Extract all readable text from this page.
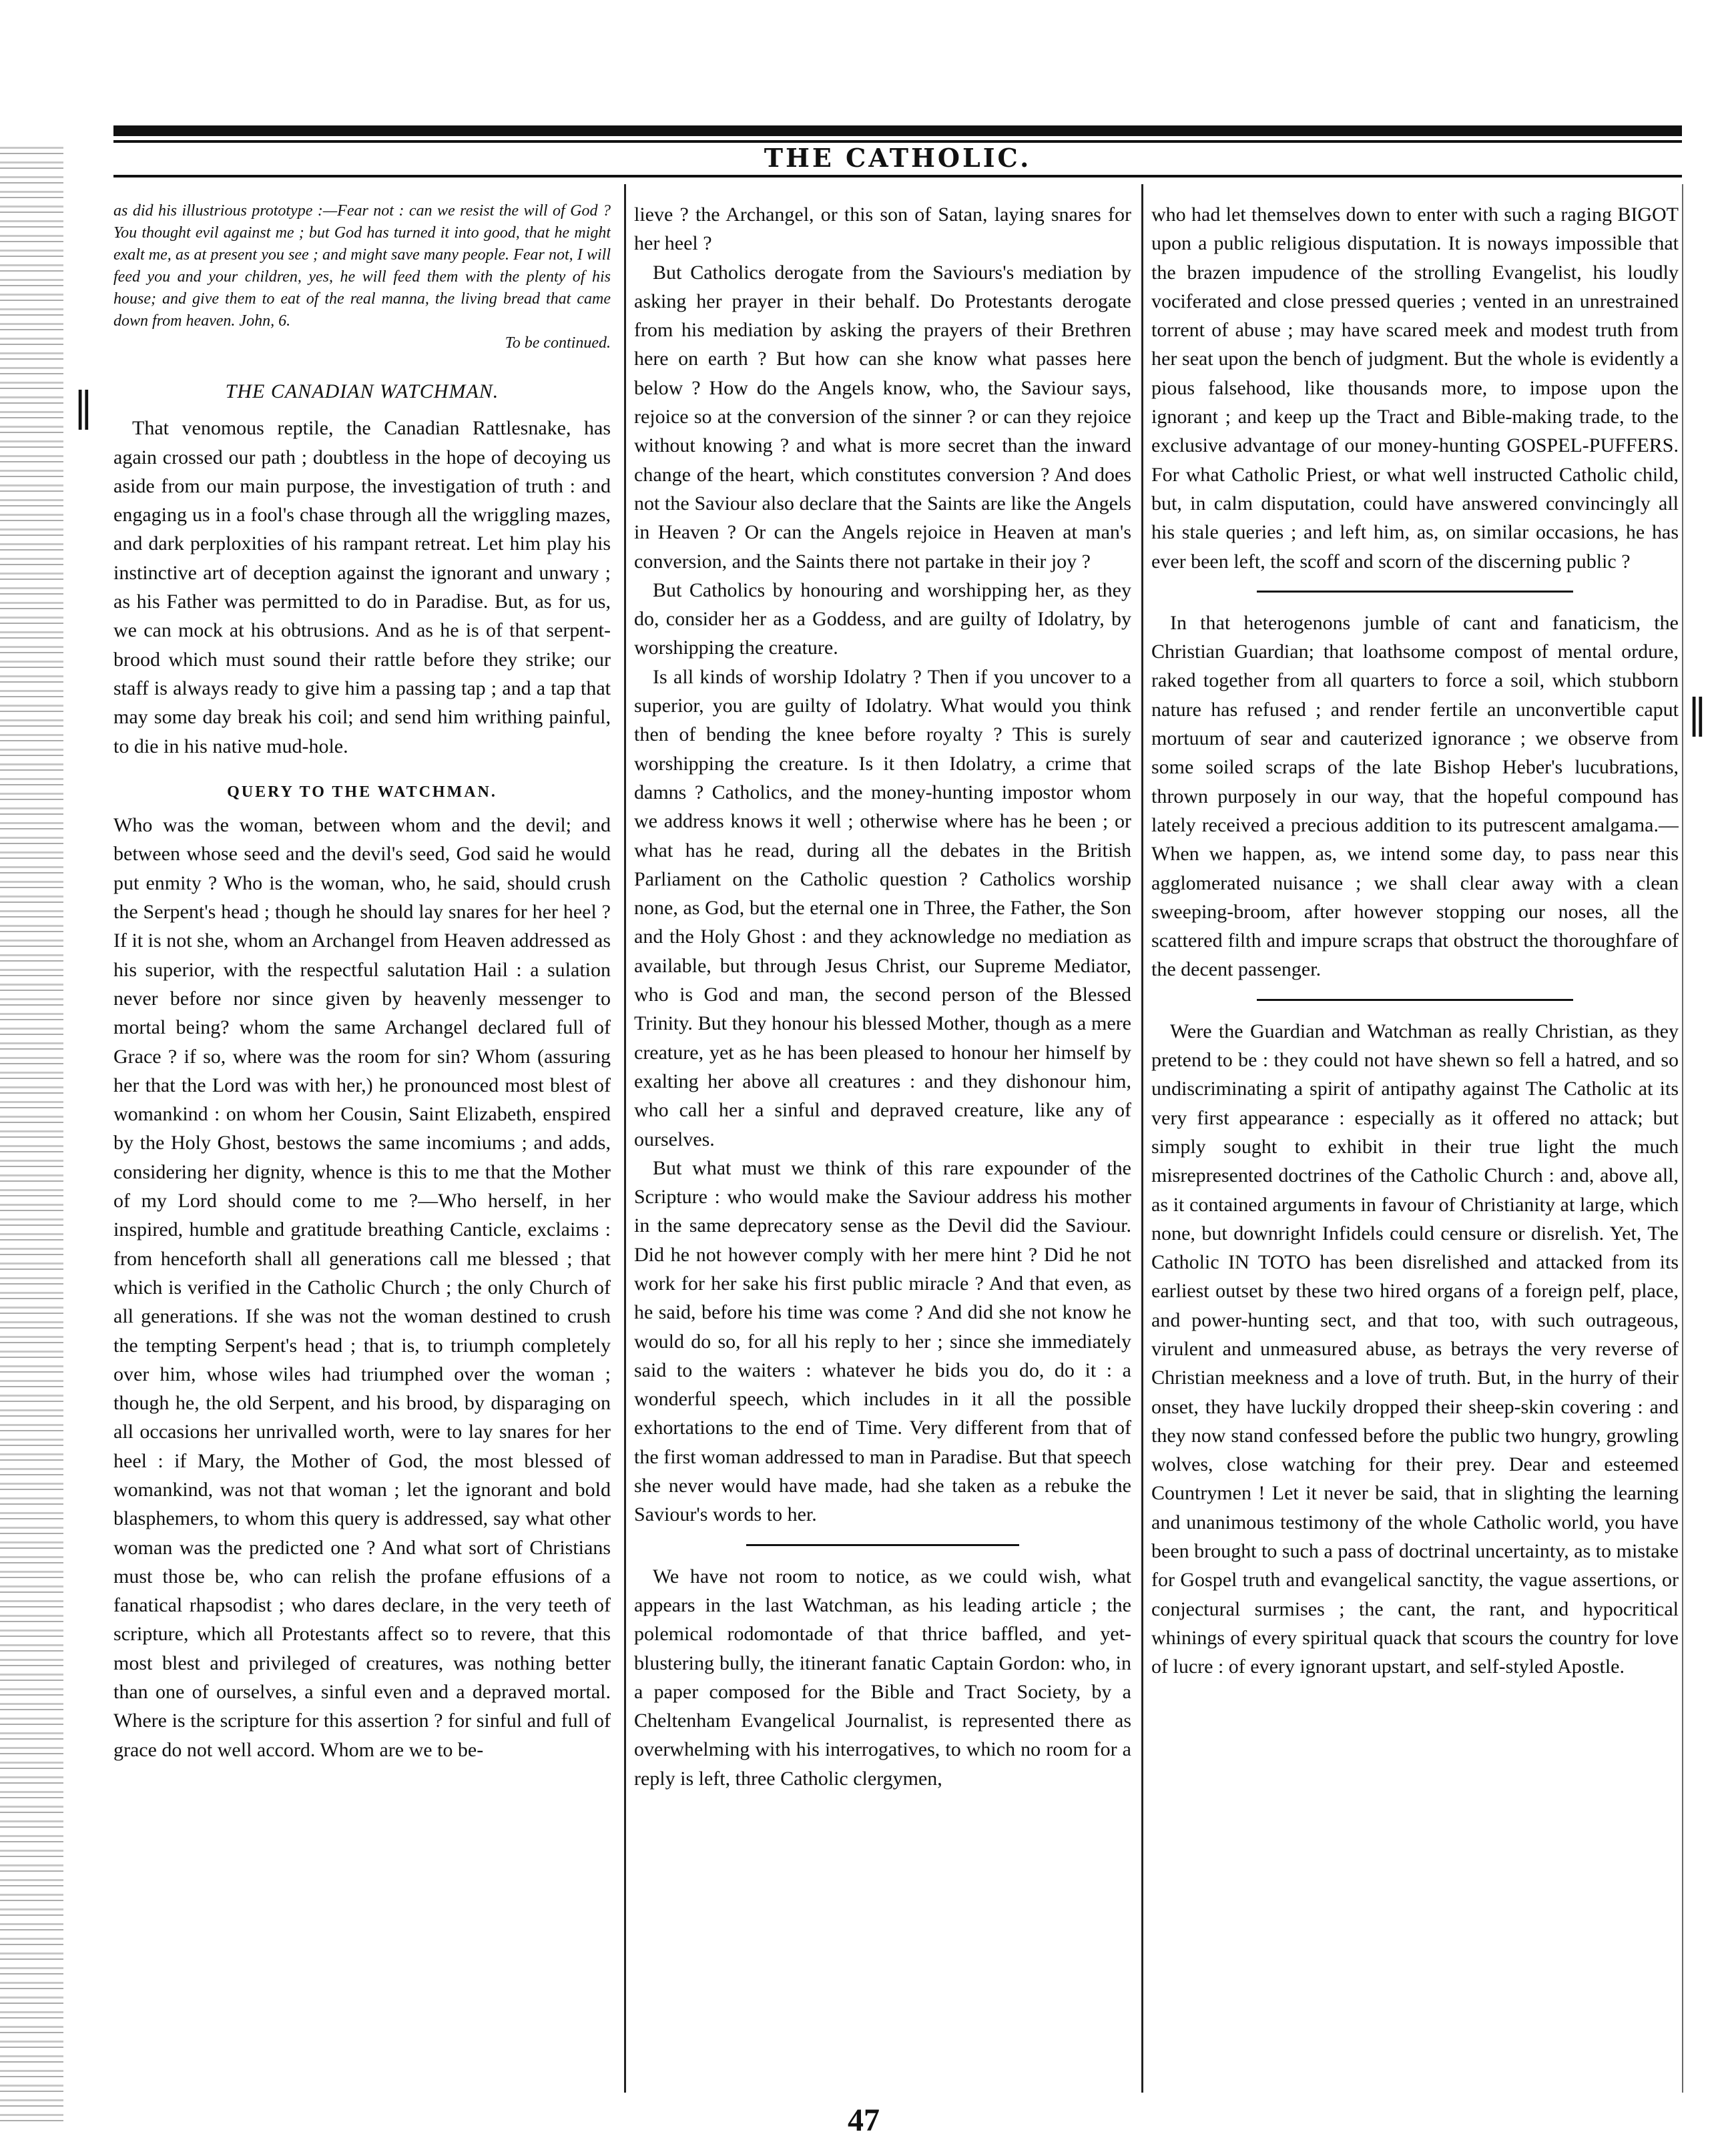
THE CATHOLIC.
‖
‖

as did his illustrious prototype :—Fear not : can we resist the will of God ? You thought evil against me ; but God has turned it into good, that he might exalt me, as at present you see ; and might save many people. Fear not, I will feed you and your children, yes, he will feed them with the plenty of his house; and give them to eat of the real manna, the living bread that came down from heaven. John, 6.

To be continued.

THE CANADIAN WATCHMAN.

That venomous reptile, the Canadian Rattlesnake, has again crossed our path ; doubtless in the hope of decoying us aside from our main purpose, the investigation of truth : and engaging us in a fool's chase through all the wriggling mazes, and dark perploxities of his rampant retreat. Let him play his instinctive art of deception against the ignorant and unwary ; as his Father was permitted to do in Paradise. But, as for us, we can mock at his obtrusions. And as he is of that serpent-brood which must sound their rattle before they strike; our staff is always ready to give him a passing tap ; and a tap that may some day break his coil; and send him writhing painful, to die in his native mud-hole.

QUERY TO THE WATCHMAN.

Who was the woman, between whom and the devil; and between whose seed and the devil's seed, God said he would put enmity ? Who is the woman, who, he said, should crush the Serpent's head ; though he should lay snares for her heel ? If it is not she, whom an Archangel from Heaven addressed as his superior, with the respectful salutation Hail : a sulation never before nor since given by heavenly messenger to mortal being? whom the same Archangel declared full of Grace ? if so, where was the room for sin? Whom (assuring her that the Lord was with her,) he pronounced most blest of womankind : on whom her Cousin, Saint Elizabeth, enspired by the Holy Ghost, bestows the same incomiums ; and adds, considering her dignity, whence is this to me that the Mother of my Lord should come to me ?—Who herself, in her inspired, humble and gratitude breathing Canticle, exclaims : from henceforth shall all generations call me blessed ; that which is verified in the Catholic Church ; the only Church of all generations. If she was not the woman destined to crush the tempting Serpent's head ; that is, to triumph completely over him, whose wiles had triumphed over the woman ; though he, the old Serpent, and his brood, by disparaging on all occasions her unrivalled worth, were to lay snares for her heel : if Mary, the Mother of God, the most blessed of womankind, was not that woman ; let the ignorant and bold blasphemers, to whom this query is addressed, say what other woman was the predicted one ? And what sort of Christians must those be, who can relish the profane effusions of a fanatical rhapsodist ; who dares declare, in the very teeth of scripture, which all Protestants affect so to revere, that this most blest and privileged of creatures, was nothing better than one of ourselves, a sinful even and a depraved mortal. Where is the scripture for this assertion ? for sinful and full of grace do not well accord. Whom are we to be-

lieve ? the Archangel, or this son of Satan, laying snares for her heel ?

But Catholics derogate from the Saviours's mediation by asking her prayer in their behalf. Do Protestants derogate from his mediation by asking the prayers of their Brethren here on earth ? But how can she know what passes here below ? How do the Angels know, who, the Saviour says, rejoice so at the conversion of the sinner ? or can they rejoice without knowing ? and what is more secret than the inward change of the heart, which constitutes conversion ? And does not the Saviour also declare that the Saints are like the Angels in Heaven ? Or can the Angels rejoice in Heaven at man's conversion, and the Saints there not partake in their joy ?

But Catholics by honouring and worshipping her, as they do, consider her as a Goddess, and are guilty of Idolatry, by worshipping the creature.

Is all kinds of worship Idolatry ? Then if you uncover to a superior, you are guilty of Idolatry. What would you think then of bending the knee before royalty ? This is surely worshipping the creature. Is it then Idolatry, a crime that damns ? Catholics, and the money-hunting impostor whom we address knows it well ; otherwise where has he been ; or what has he read, during all the debates in the British Parliament on the Catholic question ? Catholics worship none, as God, but the eternal one in Three, the Father, the Son and the Holy Ghost : and they acknowledge no mediation as available, but through Jesus Christ, our Supreme Mediator, who is God and man, the second person of the Blessed Trinity. But they honour his blessed Mother, though as a mere creature, yet as he has been pleased to honour her himself by exalting her above all creatures : and they dishonour him, who call her a sinful and depraved creature, like any of ourselves.

But what must we think of this rare expounder of the Scripture : who would make the Saviour address his mother in the same deprecatory sense as the Devil did the Saviour. Did he not however comply with her mere hint ? Did he not work for her sake his first public miracle ? And that even, as he said, before his time was come ? And did she not know he would do so, for all his reply to her ; since she immediately said to the waiters : whatever he bids you do, do it : a wonderful speech, which includes in it all the possible exhortations to the end of Time. Very different from that of the first woman addressed to man in Paradise. But that speech she never would have made, had she taken as a rebuke the Saviour's words to her.

We have not room to notice, as we could wish, what appears in the last Watchman, as his leading article ; the polemical rodomontade of that thrice baffled, and yet-blustering bully, the itinerant fanatic Captain Gordon: who, in a paper composed for the Bible and Tract Society, by a Cheltenham Evangelical Journalist, is represented there as overwhelming with his interrogatives, to which no room for a reply is left, three Catholic clergymen,

who had let themselves down to enter with such a raging BIGOT upon a public religious disputation. It is noways impossible that the brazen impudence of the strolling Evangelist, his loudly vociferated and close pressed queries ; vented in an unrestrained torrent of abuse ; may have scared meek and modest truth from her seat upon the bench of judgment. But the whole is evidently a pious falsehood, like thousands more, to impose upon the ignorant ; and keep up the Tract and Bible-making trade, to the exclusive advantage of our money-hunting GOSPEL-PUFFERS. For what Catholic Priest, or what well instructed Catholic child, but, in calm disputation, could have answered convincingly all his stale queries ; and left him, as, on similar occasions, he has ever been left, the scoff and scorn of the discerning public ?

In that heterogenons jumble of cant and fanaticism, the Christian Guardian; that loathsome compost of mental ordure, raked together from all quarters to force a soil, which stubborn nature has refused ; and render fertile an unconvertible caput mortuum of sear and cauterized ignorance ; we observe from some soiled scraps of the late Bishop Heber's lucubrations, thrown purposely in our way, that the hopeful compound has lately received a precious addition to its putrescent amalgama.— When we happen, as, we intend some day, to pass near this agglomerated nuisance ; we shall clear away with a clean sweeping-broom, after however stopping our noses, all the scattered filth and impure scraps that obstruct the thoroughfare of the decent passenger.

Were the Guardian and Watchman as really Christian, as they pretend to be : they could not have shewn so fell a hatred, and so undiscriminating a spirit of antipathy against The Catholic at its very first appearance : especially as it offered no attack; but simply sought to exhibit in their true light the much misrepresented doctrines of the Catholic Church : and, above all, as it contained arguments in favour of Christianity at large, which none, but downright Infidels could censure or disrelish. Yet, The Catholic IN TOTO has been disrelished and attacked from its earliest outset by these two hired organs of a foreign pelf, place, and power-hunting sect, and that too, with such outrageous, virulent and unmeasured abuse, as betrays the very reverse of Christian meekness and a love of truth. But, in the hurry of their onset, they have luckily dropped their sheep-skin covering : and they now stand confessed before the public two hungry, growling wolves, close watching for their prey. Dear and esteemed Countrymen ! Let it never be said, that in slighting the learning and unanimous testimony of the whole Catholic world, you have been brought to such a pass of doctrinal uncertainty, as to mistake for Gospel truth and evangelical sanctity, the vague assertions, or conjectural surmises ; the cant, the rant, and hypocritical whinings of every spiritual quack that scours the country for love of lucre : of every ignorant upstart, and self-styled Apostle.

47
